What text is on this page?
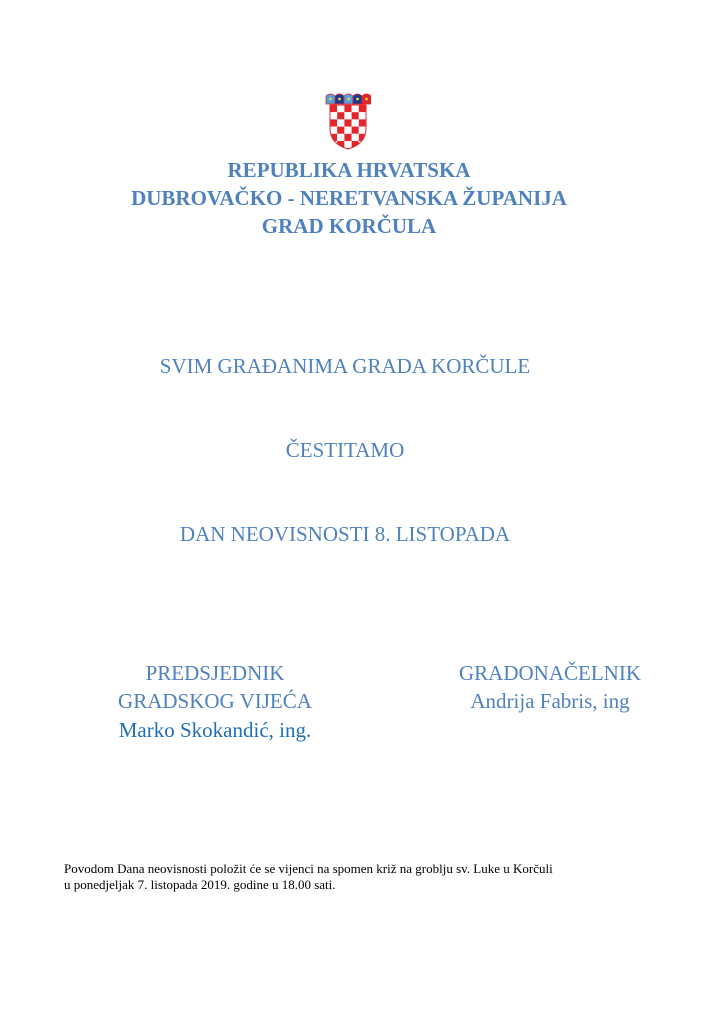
REPUBLIKA HRVATSKA
DUBROVAČKO - NERETVANSKA ŽUPANIJA
GRAD KORČULA
SVIM GRAĐANIMA GRADA KORČULE
ČESTITAMO
DAN NEOVISNOSTI 8. LISTOPADA
PREDSJEDNIK
GRADSKOG VIJEĆA
Marko Skokandić, ing.
GRADONAČELNIK
Andrija Fabris, ing
Povodom Dana neovisnosti položit će se vijenci na spomen križ na groblju sv. Luke u Korčuli
u ponedjeljak 7. listopada 2019. godine u 18.00 sati.
